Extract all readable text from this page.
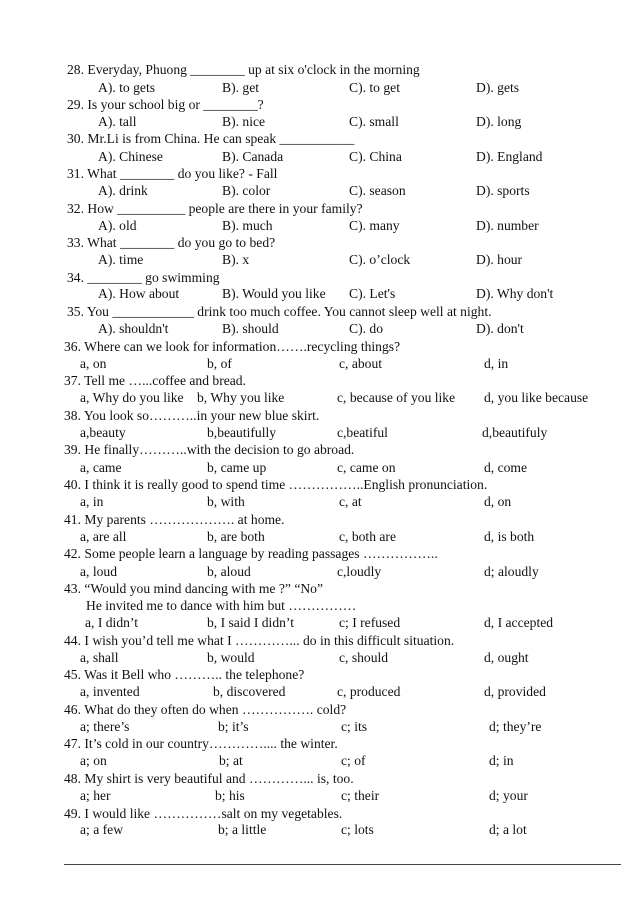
28. Everyday, Phuong ________ up at six o'clock in the morning
A). to gets	B). get	C). to get	D). gets
29. Is your school big or ________?
A). tall	B). nice	C). small	D). long
30. Mr.Li is from China. He can speak ___________
A). Chinese	B). Canada	C). China	D). England
31. What ________ do you like? - Fall
A). drink	B). color	C). season	D). sports
32. How __________ people are there in your family?
A). old	B). much	C). many	D). number
33. What ________ do you go to bed?
A). time	B). x	C). o’clock	D). hour
34. ________ go swimming
A). How about	B). Would you like C). Let's	D). Why don't
35. You ____________ drink too much coffee. You cannot sleep well at night.
A). shouldn't	B). should	C). do	D). don't
36. Where can we look for information…….recycling things?
a, on	b, of	c, about	d, in
37. Tell me …...coffee and bread.
a, Why do you like b, Why you like	c, because of you like d, you like because
38. You look so………..in your new blue skirt.
a,beauty	b,beautifully	c,beatiful	d,beautifuly
39. He finally………..with the decision to go abroad.
a, came	b, came up	c, came on	d, come
40. I think it is really good to spend time ……………..English pronunciation.
a, in	b, with	c, at	d, on
41. My parents ………………. at home.
a, are all	b, are both	c, both are	d, is both
42. Some people learn a language by reading passages ……………..
a, loud	b, aloud	c,loudly	d; aloudly
43. “Would you mind dancing with me ?” “No”
He invited me to dance with him but ……………
a, I didn’t	b, I said I didn’t	c; I refused	d, I accepted
44. I wish you’d tell me what I …………... do in this difficult situation.
a, shall	b, would	c, should	d, ought
45. Was it Bell who ……….. the telephone?
a, invented	b, discovered	c, produced	d, provided
46. What do they often do when ……………. cold?
a; there’s	b; it’s	c; its	d; they’re
47. It’s cold in our country………….... the winter.
a; on	b; at	c; of	d; in
48. My shirt is very beautiful and …………... is, too.
a; her	b; his	c; their	d; your
49. I would like ……………salt on my vegetables.
a; a few	b; a little	c; lots	d; a lot
